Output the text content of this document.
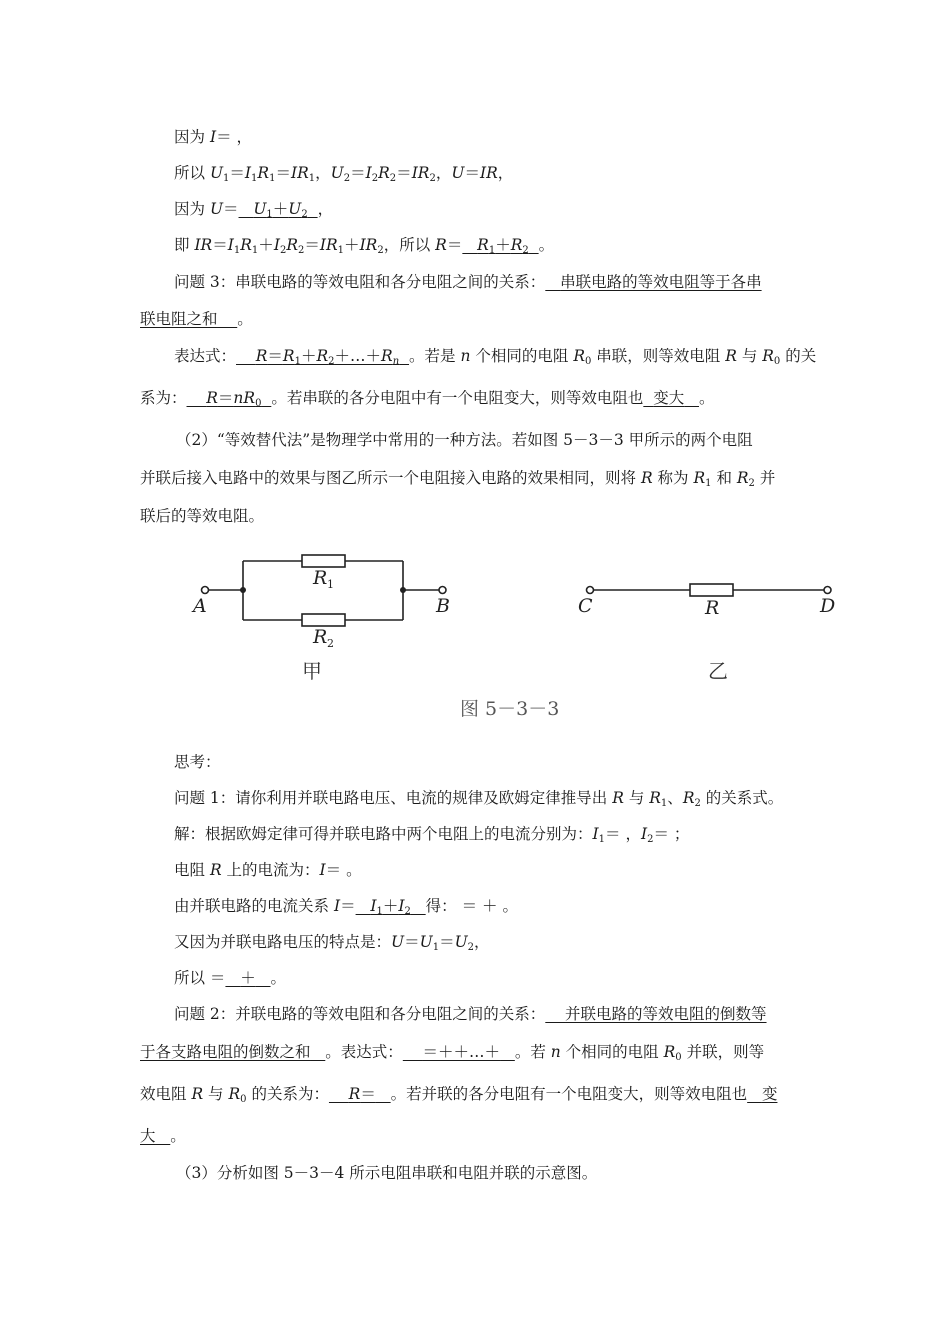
因为 I＝ ，
所以 $U_1=I_1R_1=IR_1$，$U_2=I_2R_2=IR_2$，U＝IR，
因为 $U= U_1+U_2$ ，
即 $IR=I_1R_1+I_2R_2=IR_1+IR_2$，所以 $R= R_1+R_2$ 。
问题 3：串联电路的等效电阻和各分电阻之间的关系： 串联电路的等效电阻等于各串
联电阻之和 。
表达式： $R=R_1+R_2+\dots+R_n$ 。若是 n 个相同的电阻 $R_0$ 串联，则等效电阻 R 与 $R_0$ 的关
系为： $R=nR_0$ 。若串联的各分电阻中有一个电阻变大，则等效电阻也 变大 。
（2）“等效替代法”是物理学中常用的一种方法。若如图 5－3－3 甲所示的两个电阻
并联后接入电路中的效果与图乙所示一个电阻接入电路的效果相同，则将 R 称为 $R_1$ 和 $R_2$ 并
联后的等效电阻。
A	B
R
R
C	D
R
1
2
甲	乙
图 5－3－3
思考：
问题 1：请你利用并联电路电压、电流的规律及欧姆定律推导出 R 与 $R_1$、$R_2$ 的关系式。
解：根据欧姆定律可得并联电路中两个电阻上的电流分别为：$I_1=$ ，$I_2=$ ；
电阻 R 上的电流为：I＝ 。
由并联电路的电流关系 $I= I_1+I_2$ 得： ＝ ＋ 。
又因为并联电路电压的特点是：$U=U_1=U_2$，
所以 ＝ ＋ 。
问题 2：并联电路的等效电阻和各分电阻之间的关系： 并联电路的等效电阻的倒数等
于各支路电阻的倒数之和 。表达式： ＝＋＋…＋ 。若 n 个相同的电阻 $R_0$ 并联，则等
效电阻 R 与 $R_0$ 的关系为： R＝ 。若并联的各分电阻有一个电阻变大，则等效电阻也 变
大 。
（3）分析如图 5－3－4 所示电阻串联和电阻并联的示意图。
